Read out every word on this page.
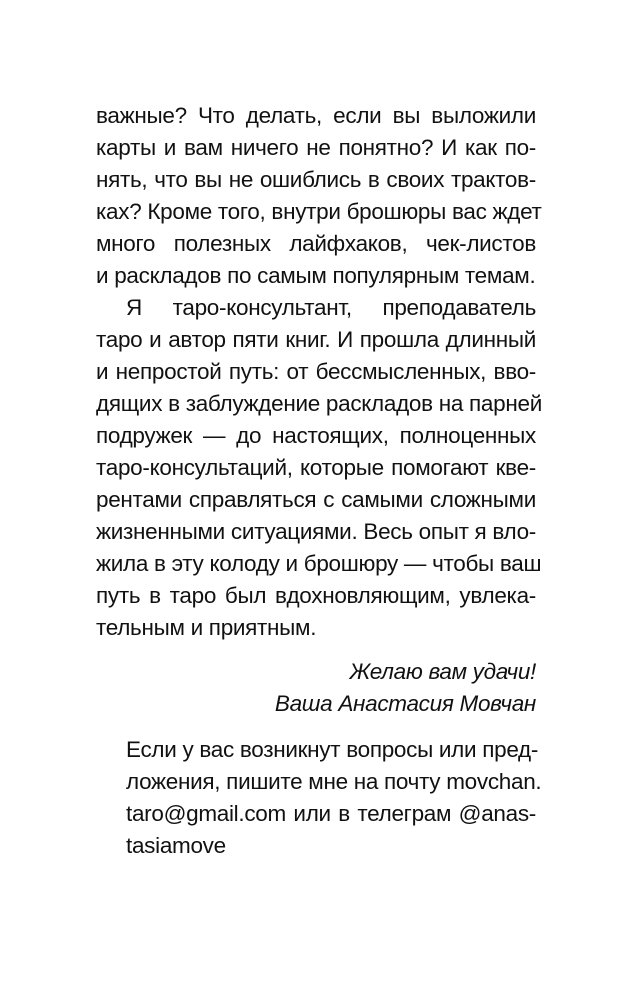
важные? Что делать, если вы выложили
карты и вам ничего не понятно? И как по-
нять, что вы не ошиблись в своих трактов-
ках? Кроме того, внутри брошюры вас ждет
много полезных лайфхаков, чек-листов
и раскладов по самым популярным темам.
Я таро-консультант, преподаватель
таро и автор пяти книг. И прошла длинный
и непростой путь: от бессмысленных, вво-
дящих в заблуждение раскладов на парней
подружек — до настоящих, полноценных
таро-консультаций, которые помогают кве-
рентами справляться с самыми сложными
жизненными ситуациями. Весь опыт я вло-
жила в эту колоду и брошюру — чтобы ваш
путь в таро был вдохновляющим, увлека-
тельным и приятным.
Желаю вам удачи!
Ваша Анастасия Мовчан
Если у вас возникнут вопросы или пред-
ложения, пишите мне на почту movchan.
taro@gmail.com или в телеграм @anas-
tasiamove
